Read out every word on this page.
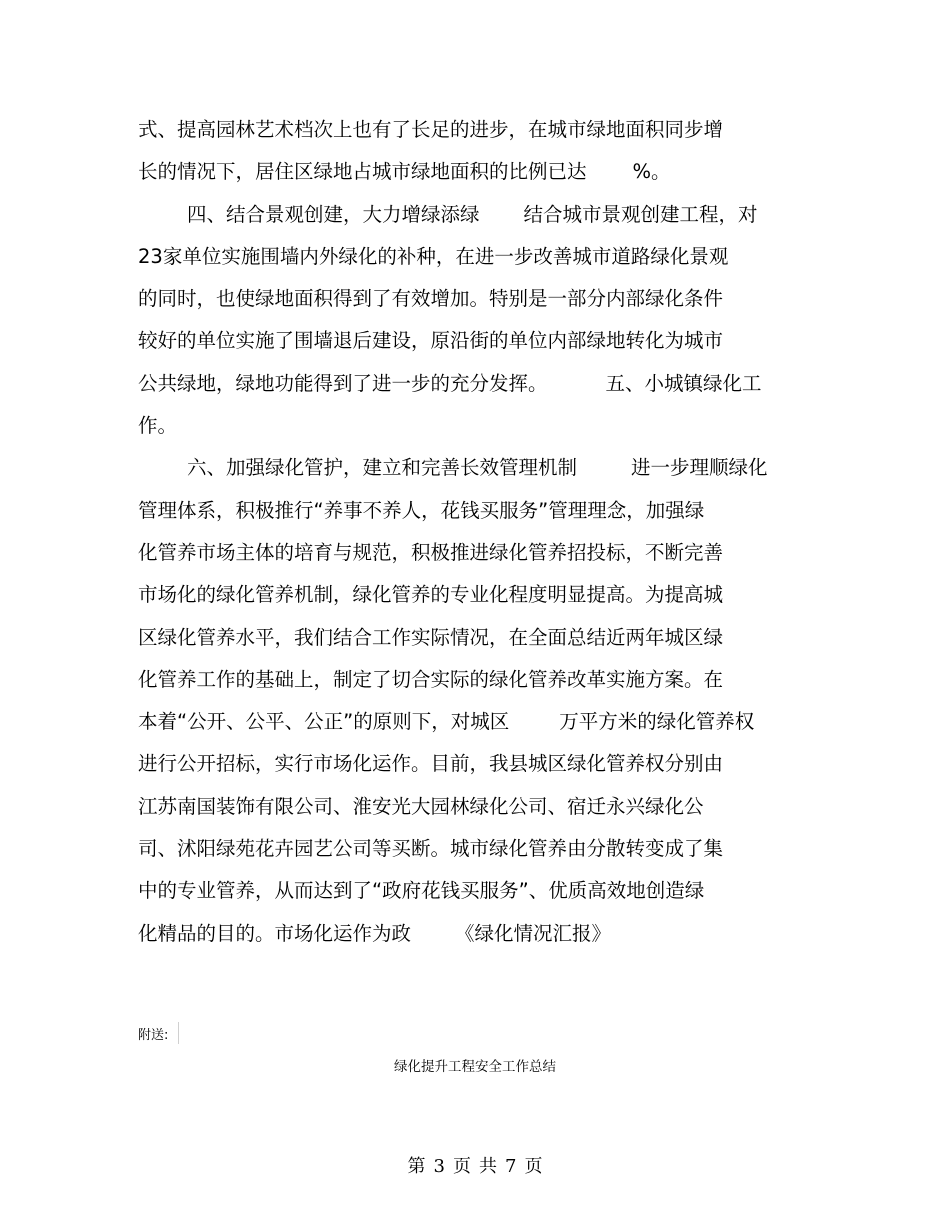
式、提高园林艺术档次上也有了长足的进步，在城市绿地面积同步增
长的情况下，居住区绿地占城市绿地面积的比例已达 %。
四、结合景观创建，大力增绿添绿 结合城市景观创建工程，对
23家单位实施围墙内外绿化的补种，在进一步改善城市道路绿化景观
的同时，也使绿地面积得到了有效增加。特别是一部分内部绿化条件
较好的单位实施了围墙退后建设，原沿街的单位内部绿地转化为城市
公共绿地，绿地功能得到了进一步的充分发挥。	五、小城镇绿化工
作。
六、加强绿化管护，建立和完善长效管理机制	进一步理顺绿化
管理体系，积极推行“养事不养人，花钱买服务”管理理念，加强绿
化管养市场主体的培育与规范，积极推进绿化管养招投标，不断完善
市场化的绿化管养机制，绿化管养的专业化程度明显提高。为提高城
区绿化管养水平，我们结合工作实际情况，在全面总结近两年城区绿
化管养工作的基础上，制定了切合实际的绿化管养改革实施方案。在
本着“公开、公平、公正”的原则下，对城区	万平方米的绿化管养权
进行公开招标，实行市场化运作。目前，我县城区绿化管养权分别由
江苏南国装饰有限公司、淮安光大园林绿化公司、宿迁永兴绿化公
司、沭阳绿苑花卉园艺公司等买断。城市绿化管养由分散转变成了集
中的专业管养，从而达到了“政府花钱买服务”、优质高效地创造绿
化精品的目的。市场化运作为政 《绿化情况汇报》
附送:
绿化提升工程安全工作总结
第 3 页 共 7 页
